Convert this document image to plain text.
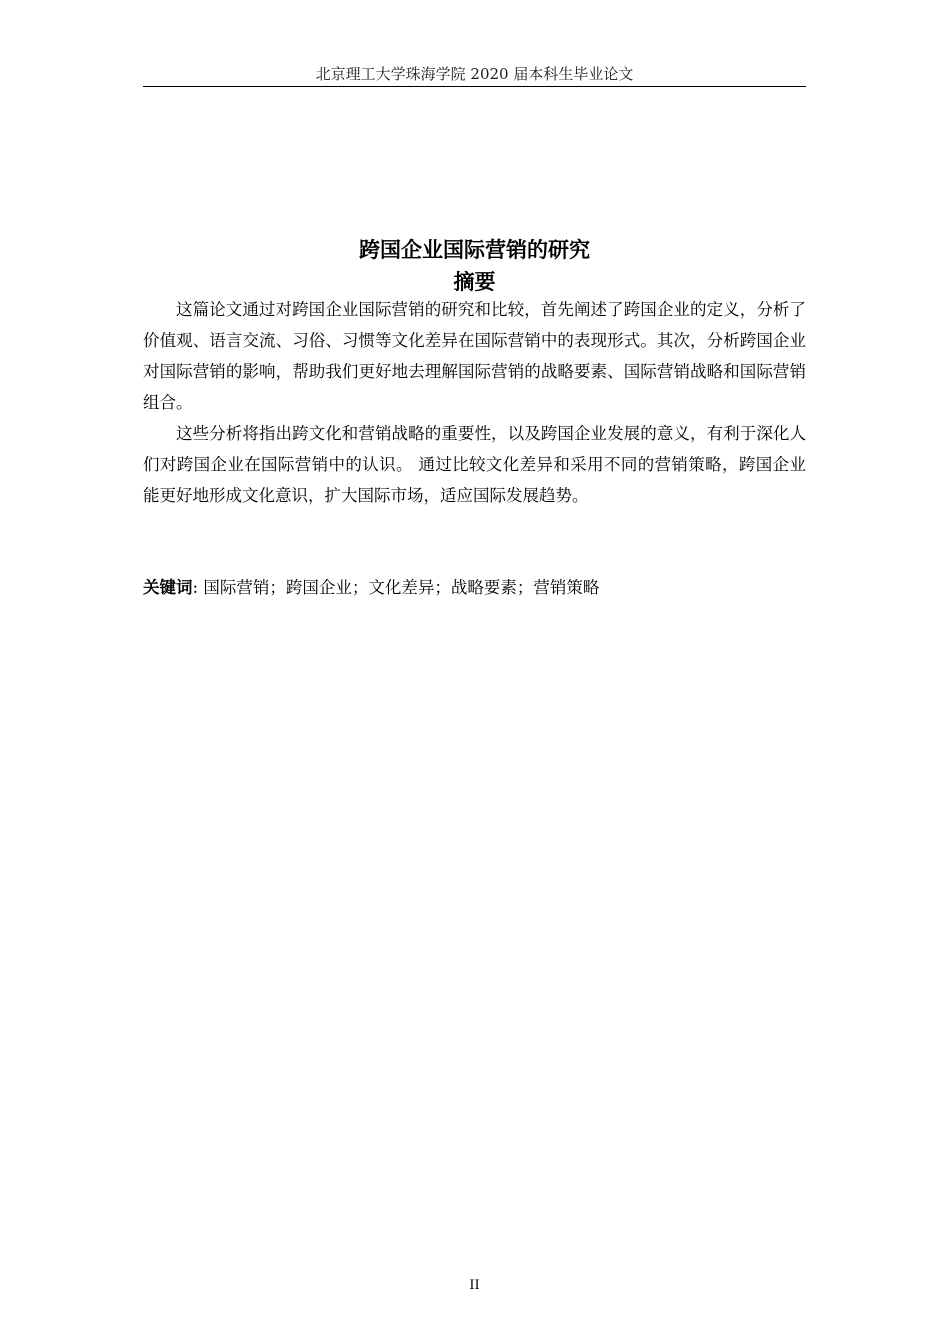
北京理工大学珠海学院 2020 届本科生毕业论文
跨国企业国际营销的研究
摘要

这篇论文通过对跨国企业国际营销的研究和比较，首先阐述了跨国企业的定义，分析了价值观、语言交流、习俗、习惯等文化差异在国际营销中的表现形式。其次，分析跨国企业对国际营销的影响，帮助我们更好地去理解国际营销的战略要素、国际营销战略和国际营销组合。

这些分析将指出跨文化和营销战略的重要性，以及跨国企业发展的意义，有利于深化人们对跨国企业在国际营销中的认识。 通过比较文化差异和采用不同的营销策略，跨国企业能更好地形成文化意识，扩大国际市场，适应国际发展趋势。

关键词: 国际营销；跨国企业；文化差异；战略要素；营销策略
II
